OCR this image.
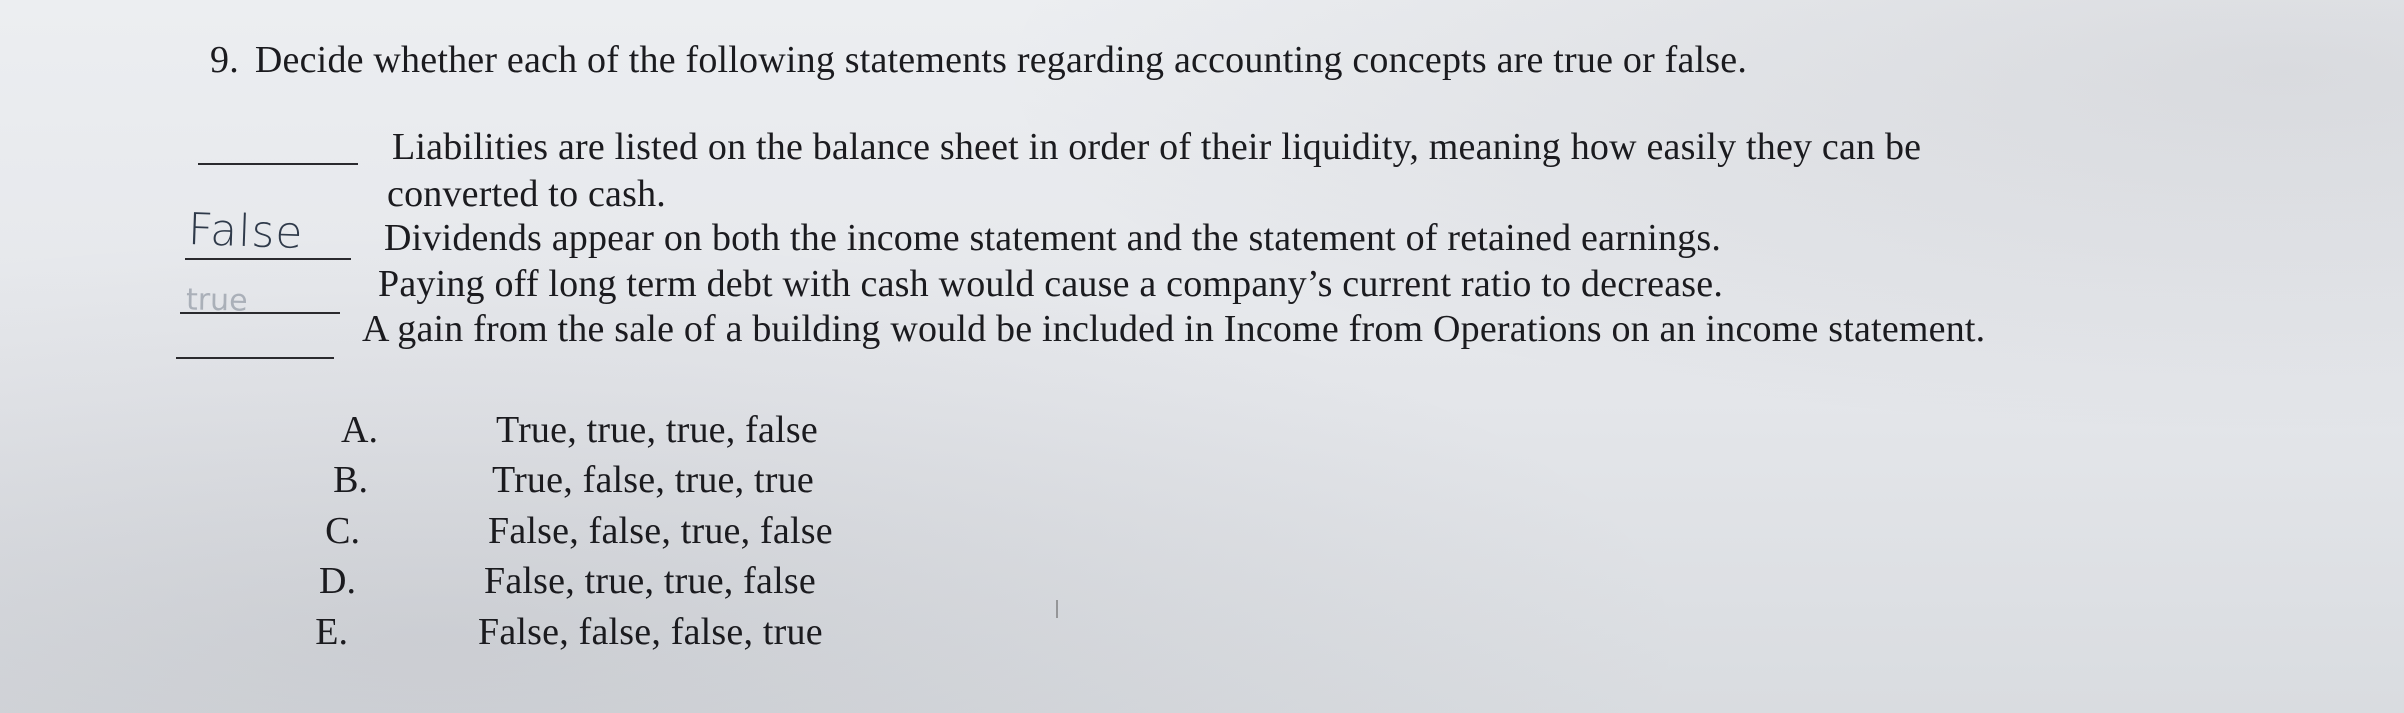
9. Decide whether each of the following statements regarding accounting concepts are true or false.
Liabilities are listed on the balance sheet in order of their liquidity, meaning how easily they can be
converted to cash.
False Dividends appear on both the income statement and the statement of retained earnings.
true	Paying off long term debt with cash would cause a company’s current ratio to decrease.
A gain from the sale of a building would be included in Income from Operations on an income statement.
A.	True, true, true, false
B.	True, false, true, true
C.	False, false, true, false
D.	False, true, true, false
E.	False, false, false, true
